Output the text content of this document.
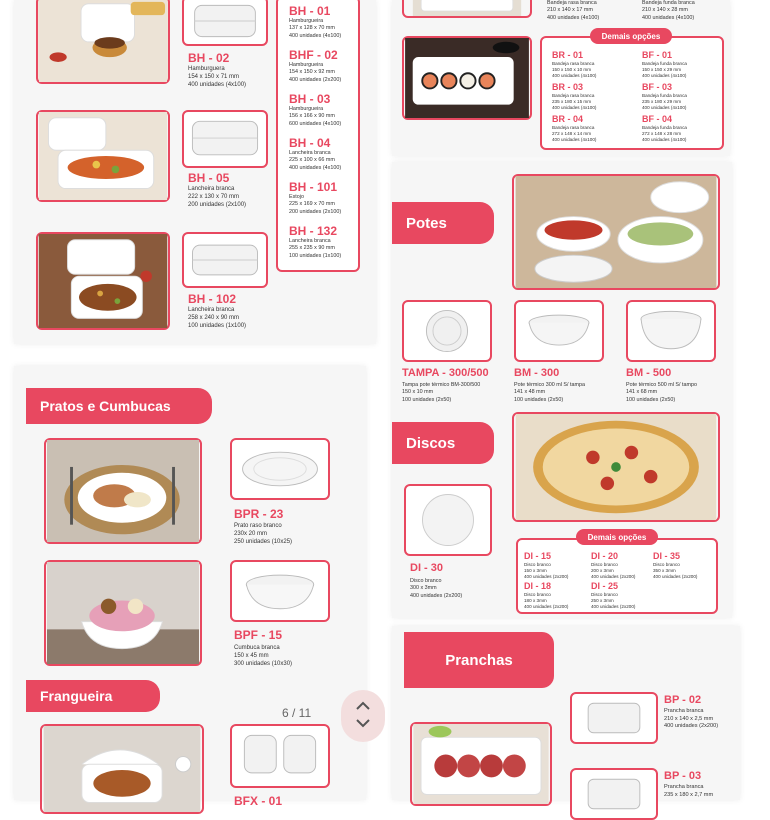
BH - 02
Hamburguera
154 x 150 x 71 mm
400 unidades (4x100)
BH - 05
Lancheira branca
222 x 130 x 70 mm
200 unidades (2x100)
BH - 102
Lancheira branca
258 x 240 x 90 mm
100 unidades (1x100)
BH - 01
Hamburgueira
137 x 128 x 70 mm
400 unidades (4x100)
BHF - 02
Hamburgueira
154 x 150 x 92 mm
400 unidades (2x200)
BH - 03
Hamburgueira
156 x 166 x 90 mm
600 unidades (4x100)
BH - 04
Lancheira branca
225 x 100 x 66 mm
400 unidades (4x100)
BH - 101
Estojo
225 x 169 x 70 mm
200 unidades (2x100)
BH - 132
Lancheira branca
255 x 235 x 90 mm
100 unidades (1x100)
Bandeja rasa branca
210 x 140 x 17 mm
400 unidades (4x100)
Bandeja funda branca
210 x 140 x 28 mm
400 unidades (4x100)
Demais opções
BR - 01
Bandeja rasa branca
150 x 150 x 10 mm
400 unidades (4x100)
BF - 01
Bandeja funda branca
150 x 150 x 29 mm
400 unidades (4x100)
BR - 03
Bandeja rasa branca
235 x 180 x 15 mm
400 unidades (4x100)
BF - 03
Bandeja funda branca
235 x 180 x 29 mm
400 unidades (4x100)
BR - 04
Bandeja rasa branca
272 x 148 x 14 mm
400 unidades (4x100)
BF - 04
Bandeja funda branca
272 x 148 x 28 mm
400 unidades (4x100)
Potes
TAMPA - 300/500
Tampa pote térmico BM-300/500
150 x 10 mm
100 unidades (2x50)
BM - 300
Pote térmico 300 ml S/ tampa
141 x 48 mm
100 unidades (2x50)
BM - 500
Pote térmico 500 ml S/ tampo
141 x 68 mm
100 unidades (2x50)
Discos
DI - 30
Disco branco
300 x 3mm
400 unidades (2x200)
Demais opções
DI - 15
Disco branco
150 x 3mm
400 unidades (2x200)
DI - 20
Disco branco
200 x 3mm
400 unidades (2x200)
DI - 35
Disco branco
350 x 3mm
400 unidades (2x200)
DI - 18
Disco branco
180 x 3mm
400 unidades (2x200)
DI - 25
Disco branco
250 x 3mm
400 unidades (2x200)
Pratos e Cumbucas
BPR - 23
Prato raso branco
230x 20 mm
250 unidades (10x25)
BPF - 15
Cumbuca branca
150 x 45 mm
300 unidades (10x30)
Frangueira
BFX - 01
Pranchas
BP - 02
Prancha branca
210 x 140 x 2,5 mm
400 unidades (2x200)
BP - 03
Prancha branca
235 x 180 x 2,7 mm
6 / 11
